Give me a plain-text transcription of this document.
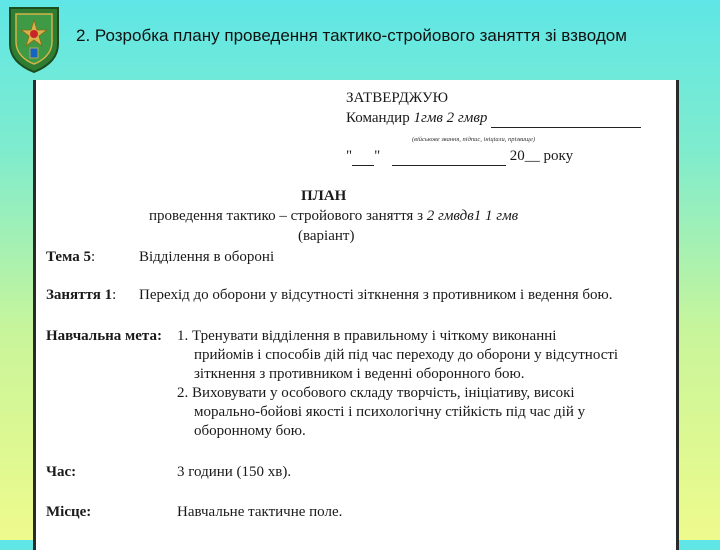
2. Розробка плану проведення тактико-стройового заняття зі взводом
ЗАТВЕРДЖУЮ
Командир 1гмв 2 гмвр
(військове звання, підпис, ініціали, прізвище)
" "	20__ року
ПЛАН
проведення тактико – стройового заняття з 2 гмвдв1 1 гмв
(варіант)
Тема 5:	Відділення в обороні
Заняття 1: Перехід до оборони у відсутності зіткнення з противником і ведення бою.
Навчальна мета: 1. Тренувати відділення в правильному і чіткому виконанні
прийомів і способів дій під час переходу до оборони у відсутності
зіткнення з противником і веденні оборонного бою.
2. Виховувати у особового складу творчість, ініціативу, високі
морально-бойові якості і психологічну стійкість під час дій у
оборонному бою.
Час:	3 години (150 хв).
Місце:	Навчальне тактичне поле.
